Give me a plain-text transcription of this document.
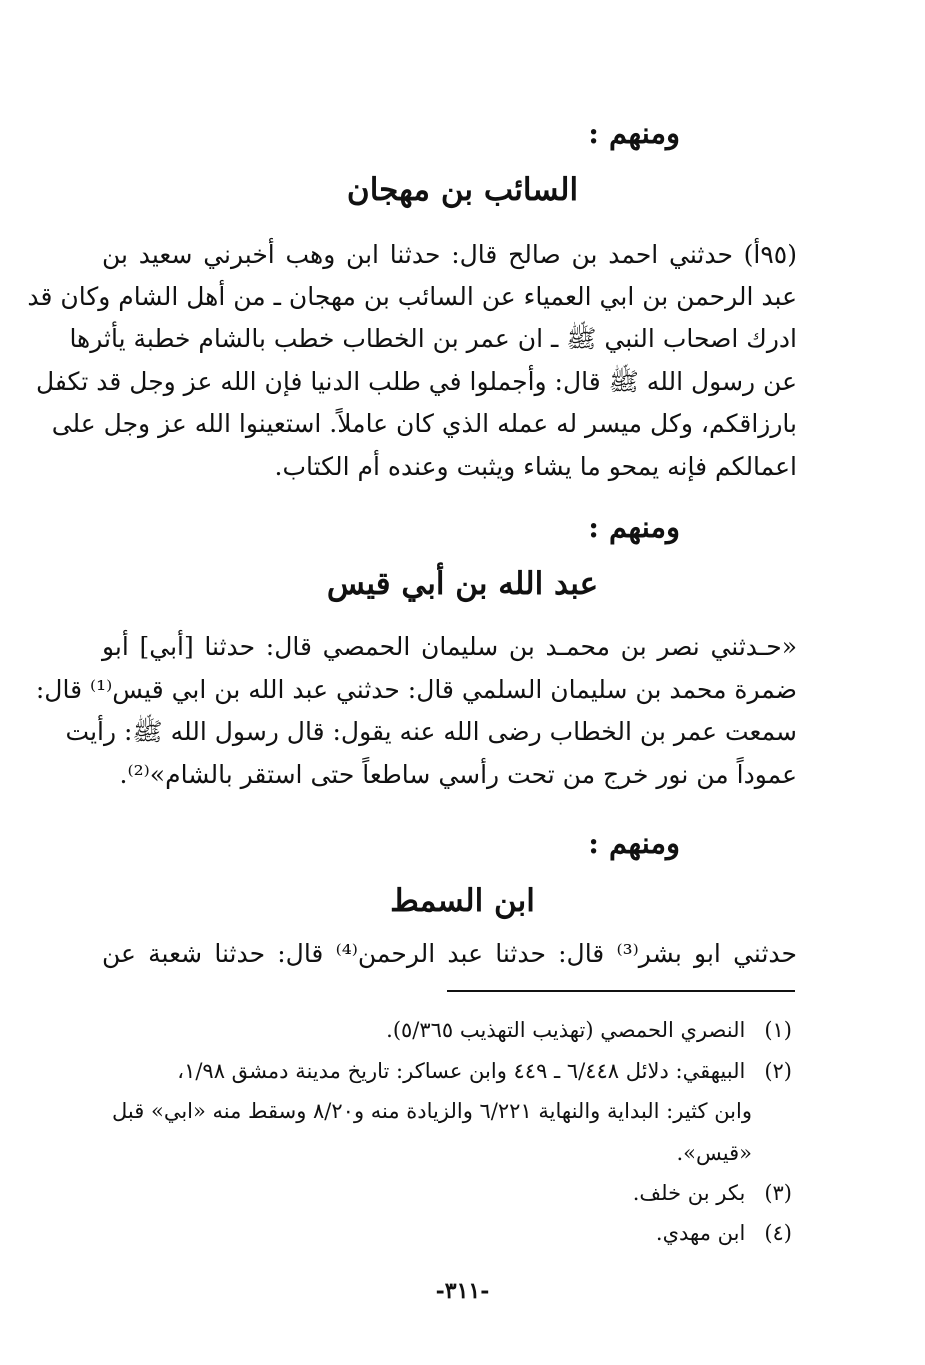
ومنهم :
السائب بن مهجان
(٩٥أ) حدثني احمد بن صالح قال: حدثنا ابن وهب أخبرني سعيد بن
عبد الرحمن بن ابي العمياء عن السائب بن مهجان ـ من أهل الشام وكان قد
ادرك اصحاب النبي ﷺ ـ ان عمر بن الخطاب خطب بالشام خطبة يأثرها
عن رسول الله ﷺ قال: وأجملوا في طلب الدنيا فإن الله عز وجل قد تكفل
بارزاقكم، وكل ميسر له عمله الذي كان عاملاً. استعينوا الله عز وجل على
اعمالكم فإنه يمحو ما يشاء ويثبت وعنده أم الكتاب.
ومنهم :
عبد الله بن أبي قيس
«حـدثني نصر بن محمـد بن سليمان الحمصي قال: حدثنا [أبي] أبو
ضمرة محمد بن سليمان السلمي قال: حدثني عبد الله بن ابي قيس⁽¹⁾ قال:
سمعت عمر بن الخطاب رضى الله عنه يقول: قال رسول الله ﷺ: رأيت
عموداً من نور خرج من تحت رأسي ساطعاً حتى استقر بالشام»⁽²⁾.
ومنهم :
ابن السمط
حدثني ابو بشر⁽³⁾ قال: حدثنا عبد الرحمن⁽⁴⁾ قال: حدثنا شعبة عن
(١) النصري الحمصي (تهذيب التهذيب ٥/٣٦٥).
(٢) البيهقي: دلائل ٦/٤٤٨ ـ ٤٤٩ وابن عساكر: تاريخ مدينة دمشق ١/٩٨،
وابن كثير: البداية والنهاية ٦/٢٢١ والزيادة منه و٨/٢٠ وسقط منه «ابي» قبل
«قيس».
(٣) بكر بن خلف.
(٤) ابن مهدي.
-٣١١-
